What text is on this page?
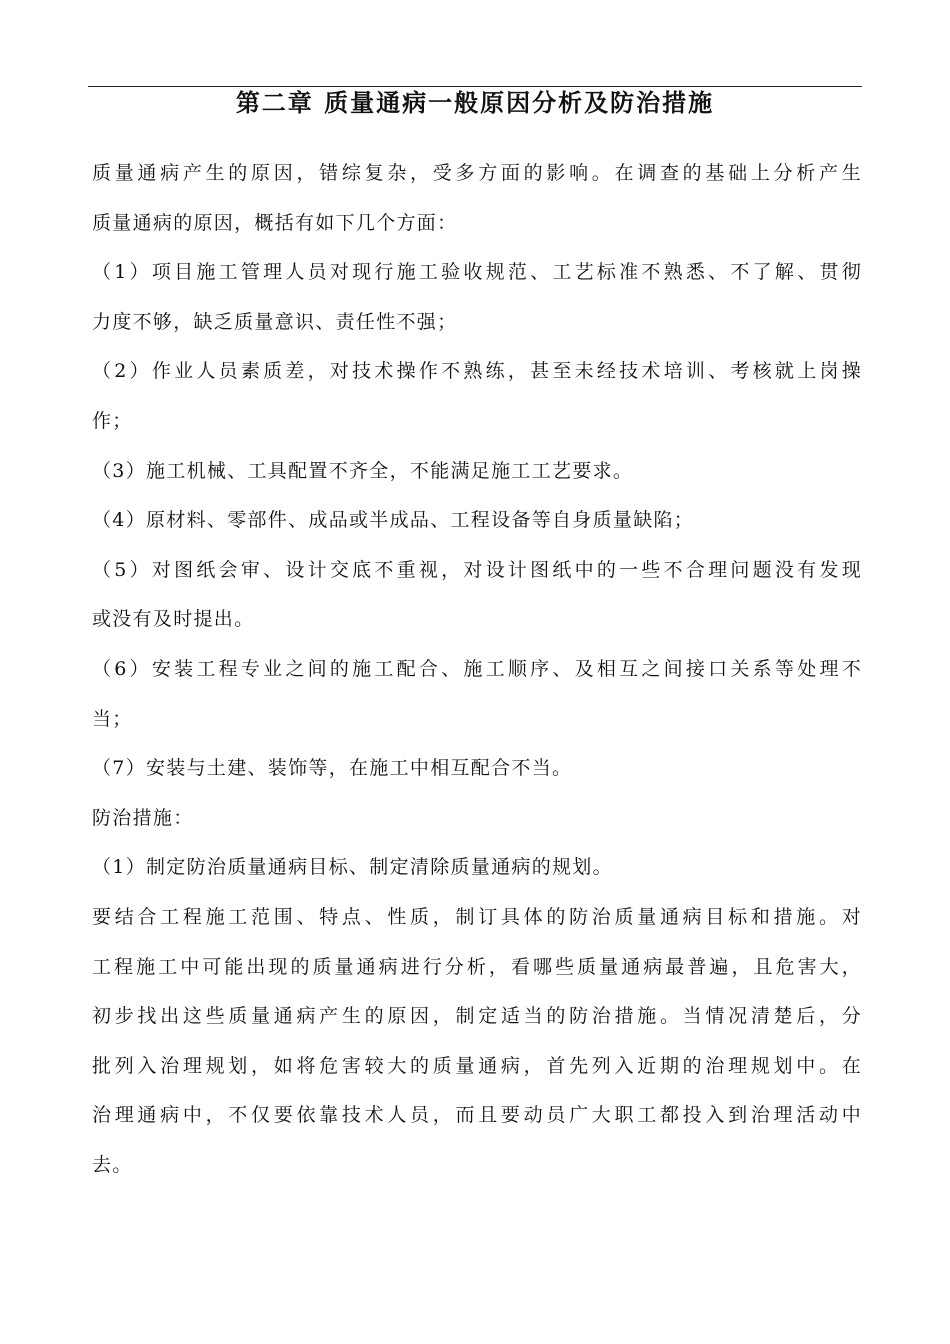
第二章 质量通病一般原因分析及防治措施
质量通病产生的原因，错综复杂，受多方面的影响。在调查的基础上分析产生
质量通病的原因，概括有如下几个方面：
（1）项目施工管理人员对现行施工验收规范、工艺标准不熟悉、不了解、贯彻
力度不够，缺乏质量意识、责任性不强；
（2）作业人员素质差，对技术操作不熟练，甚至未经技术培训、考核就上岗操
作；
（3）施工机械、工具配置不齐全，不能满足施工工艺要求。
（4）原材料、零部件、成品或半成品、工程设备等自身质量缺陷；
（5）对图纸会审、设计交底不重视，对设计图纸中的一些不合理问题没有发现
或没有及时提出。
（6）安装工程专业之间的施工配合、施工顺序、及相互之间接口关系等处理不
当；
（7）安装与土建、装饰等，在施工中相互配合不当。
防治措施：
（1）制定防治质量通病目标、制定清除质量通病的规划。
要结合工程施工范围、特点、性质，制订具体的防治质量通病目标和措施。对
工程施工中可能出现的质量通病进行分析，看哪些质量通病最普遍，且危害大，
初步找出这些质量通病产生的原因，制定适当的防治措施。当情况清楚后，分
批列入治理规划，如将危害较大的质量通病，首先列入近期的治理规划中。在
治理通病中，不仅要依靠技术人员，而且要动员广大职工都投入到治理活动中
去。
